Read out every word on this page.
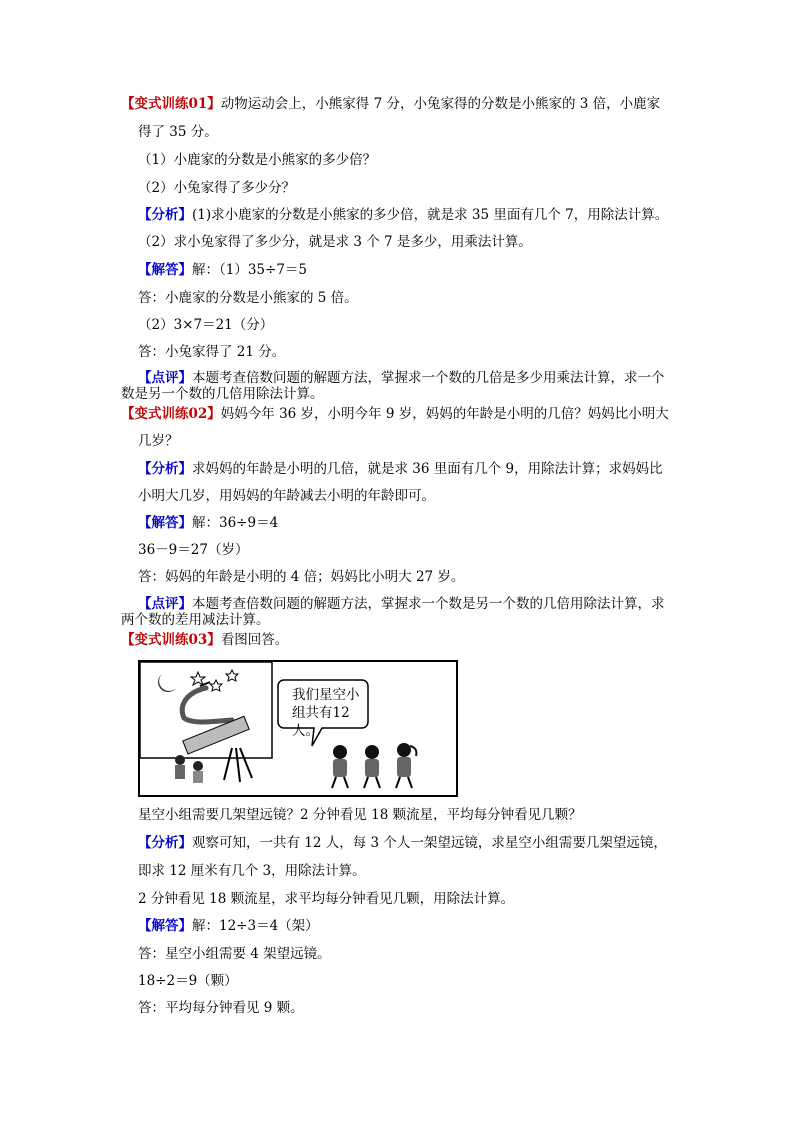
【变式训练01】动物运动会上，小熊家得 7 分，小兔家得的分数是小熊家的 3 倍，小鹿家
得了 35 分。
（1）小鹿家的分数是小熊家的多少倍？
（2）小兔家得了多少分？
【分析】(1)求小鹿家的分数是小熊家的多少倍，就是求 35 里面有几个 7，用除法计算。
（2）求小兔家得了多少分，就是求 3 个 7 是多少，用乘法计算。
【解答】解：（1）35÷7＝5
答：小鹿家的分数是小熊家的 5 倍。
（2）3×7＝21（分）
答：小兔家得了 21 分。
【点评】本题考查倍数问题的解题方法，掌握求一个数的几倍是多少用乘法计算，求一个
数是另一个数的几倍用除法计算。
【变式训练02】妈妈今年 36 岁，小明今年 9 岁，妈妈的年龄是小明的几倍？妈妈比小明大
几岁？
【分析】求妈妈的年龄是小明的几倍，就是求 36 里面有几个 9，用除法计算；求妈妈比
小明大几岁，用妈妈的年龄减去小明的年龄即可。
【解答】解：36÷9＝4
36－9＝27（岁）
答：妈妈的年龄是小明的 4 倍；妈妈比小明大 27 岁。
【点评】本题考查倍数问题的解题方法，掌握求一个数是另一个数的几倍用除法计算，求
两个数的差用减法计算。
【变式训练03】看图回答。
我们星空小组共有12人。
星空小组需要几架望远镜？2 分钟看见 18 颗流星，平均每分钟看见几颗？
【分析】观察可知，一共有 12 人，每 3 个人一架望远镜，求星空小组需要几架望远镜，
即求 12 厘米有几个 3，用除法计算。
2 分钟看见 18 颗流星，求平均每分钟看见几颗，用除法计算。
【解答】解：12÷3＝4（架）
答：星空小组需要 4 架望远镜。
18÷2＝9（颗）
答：平均每分钟看见 9 颗。
